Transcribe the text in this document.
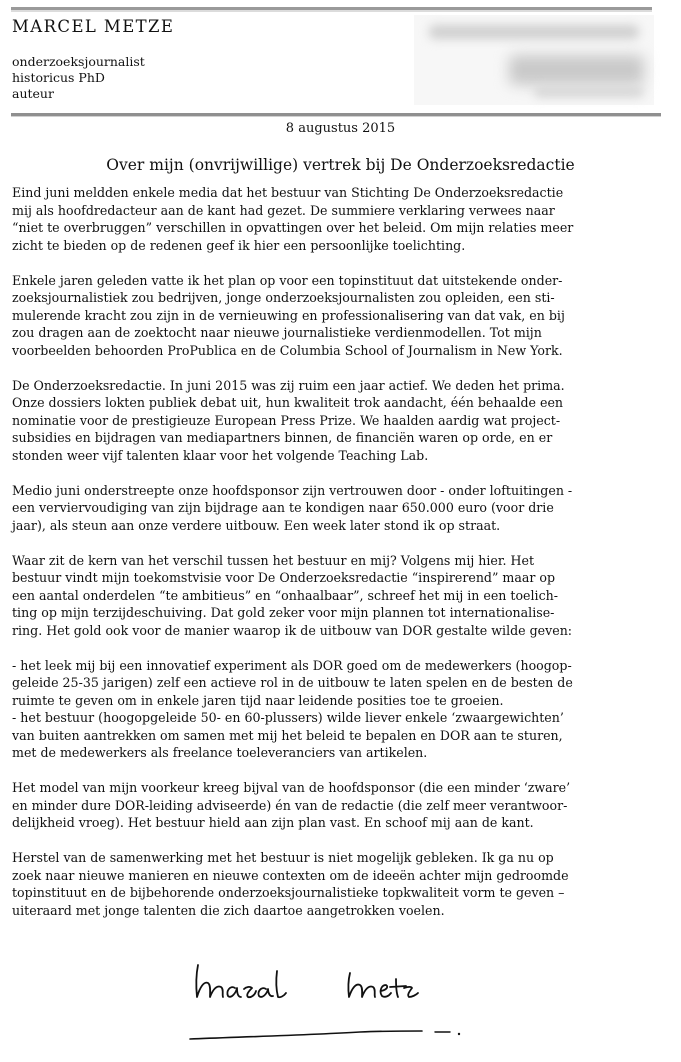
MARCEL METZE
onderzoeksjournalist
historicus PhD
auteur
8 augustus 2015
Over mijn (onvrijwillige) vertrek bij De Onderzoeksredactie

Eind juni meldden enkele media dat het bestuur van Stichting De Onderzoeksredactie
mij als hoofdredacteur aan de kant had gezet. De summiere verklaring verwees naar
“niet te overbruggen” verschillen in opvattingen over het beleid. Om mijn relaties meer
zicht te bieden op de redenen geef ik hier een persoonlijke toelichting.

Enkele jaren geleden vatte ik het plan op voor een topinstituut dat uitstekende onder-
zoeksjournalistiek zou bedrijven, jonge onderzoeksjournalisten zou opleiden, een sti-
mulerende kracht zou zijn in de vernieuwing en professionalisering van dat vak, en bij
zou dragen aan de zoektocht naar nieuwe journalistieke verdienmodellen. Tot mijn
voorbeelden behoorden ProPublica en de Columbia School of Journalism in New York.

De Onderzoeksredactie. In juni 2015 was zij ruim een jaar actief. We deden het prima.
Onze dossiers lokten publiek debat uit, hun kwaliteit trok aandacht, één behaalde een
nominatie voor de prestigieuze European Press Prize. We haalden aardig wat project-
subsidies en bijdragen van mediapartners binnen, de financiën waren op orde, en er
stonden weer vijf talenten klaar voor het volgende Teaching Lab.

Medio juni onderstreepte onze hoofdsponsor zijn vertrouwen door - onder loftuitingen -
een verviervoudiging van zijn bijdrage aan te kondigen naar 650.000 euro (voor drie
jaar), als steun aan onze verdere uitbouw. Een week later stond ik op straat.

Waar zit de kern van het verschil tussen het bestuur en mij? Volgens mij hier. Het
bestuur vindt mijn toekomstvisie voor De Onderzoeksredactie “inspirerend” maar op
een aantal onderdelen “te ambitieus” en “onhaalbaar”, schreef het mij in een toelich-
ting op mijn terzijdeschuiving. Dat gold zeker voor mijn plannen tot internationalise-
ring. Het gold ook voor de manier waarop ik de uitbouw van DOR gestalte wilde geven:

- het leek mij bij een innovatief experiment als DOR goed om de medewerkers (hoogop-
geleide 25-35 jarigen) zelf een actieve rol in de uitbouw te laten spelen en de besten de
ruimte te geven om in enkele jaren tijd naar leidende posities toe te groeien.
- het bestuur (hoogopgeleide 50- en 60-plussers) wilde liever enkele ‘zwaargewichten’
van buiten aantrekken om samen met mij het beleid te bepalen en DOR aan te sturen,
met de medewerkers als freelance toeleveranciers van artikelen.

Het model van mijn voorkeur kreeg bijval van de hoofdsponsor (die een minder ‘zware’
en minder dure DOR-leiding adviseerde) én van de redactie (die zelf meer verantwoor-
delijkheid vroeg). Het bestuur hield aan zijn plan vast. En schoof mij aan de kant.

Herstel van de samenwerking met het bestuur is niet mogelijk gebleken. Ik ga nu op
zoek naar nieuwe manieren en nieuwe contexten om de ideeën achter mijn gedroomde
topinstituut en de bijbehorende onderzoeksjournalistieke topkwaliteit vorm te geven –
uiteraard met jonge talenten die zich daartoe aangetrokken voelen.
